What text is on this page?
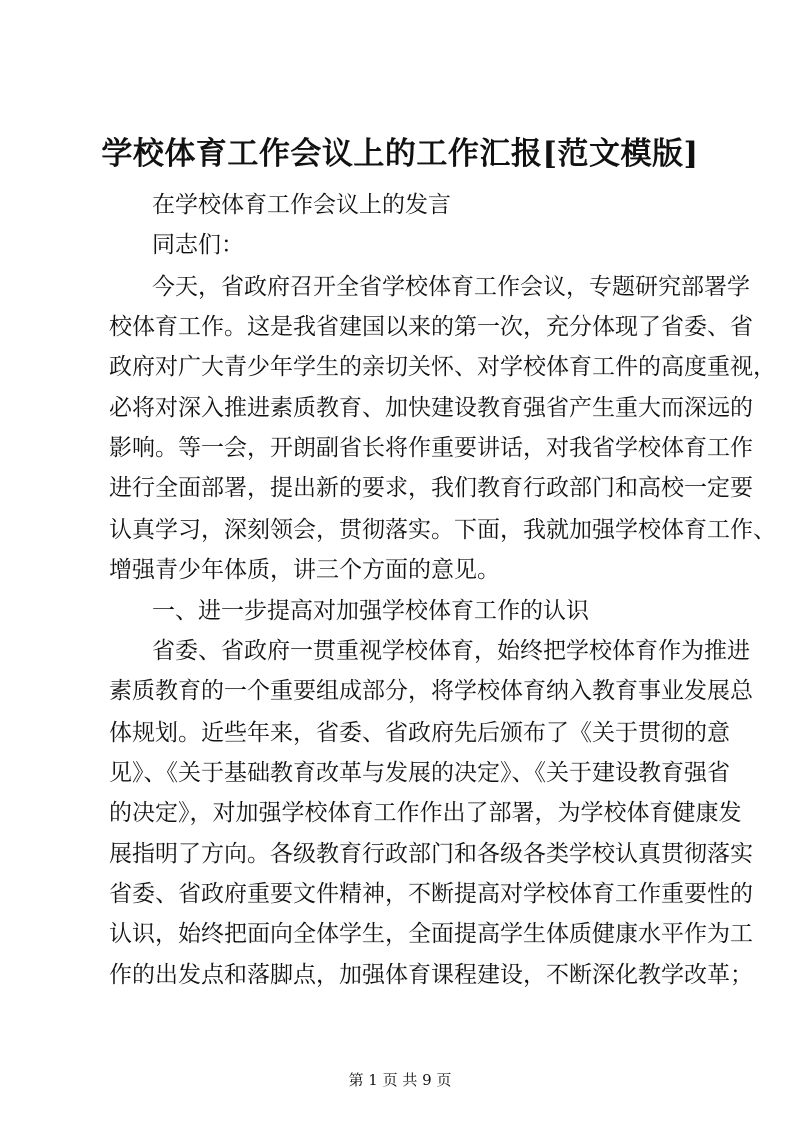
学校体育工作会议上的工作汇报[范文模版]
在学校体育工作会议上的发言
同志们：
今天，省政府召开全省学校体育工作会议，专题研究部署学
校体育工作。这是我省建国以来的第一次，充分体现了省委、省
政府对广大青少年学生的亲切关怀、对学校体育工件的高度重视，
必将对深入推进素质教育、加快建设教育强省产生重大而深远的
影响。等一会，开朗副省长将作重要讲话，对我省学校体育工作
进行全面部署，提出新的要求，我们教育行政部门和高校一定要
认真学习，深刻领会，贯彻落实。下面，我就加强学校体育工作、
增强青少年体质，讲三个方面的意见。
一、进一步提高对加强学校体育工作的认识
省委、省政府一贯重视学校体育，始终把学校体育作为推进
素质教育的一个重要组成部分，将学校体育纳入教育事业发展总
体规划。近些年来，省委、省政府先后颁布了《关于贯彻的意
见》、《关于基础教育改革与发展的决定》、《关于建设教育强省
的决定》，对加强学校体育工作作出了部署，为学校体育健康发
展指明了方向。各级教育行政部门和各级各类学校认真贯彻落实
省委、省政府重要文件精神，不断提高对学校体育工作重要性的
认识，始终把面向全体学生，全面提高学生体质健康水平作为工
作的出发点和落脚点，加强体育课程建设，不断深化教学改革；
第 1 页 共 9 页
